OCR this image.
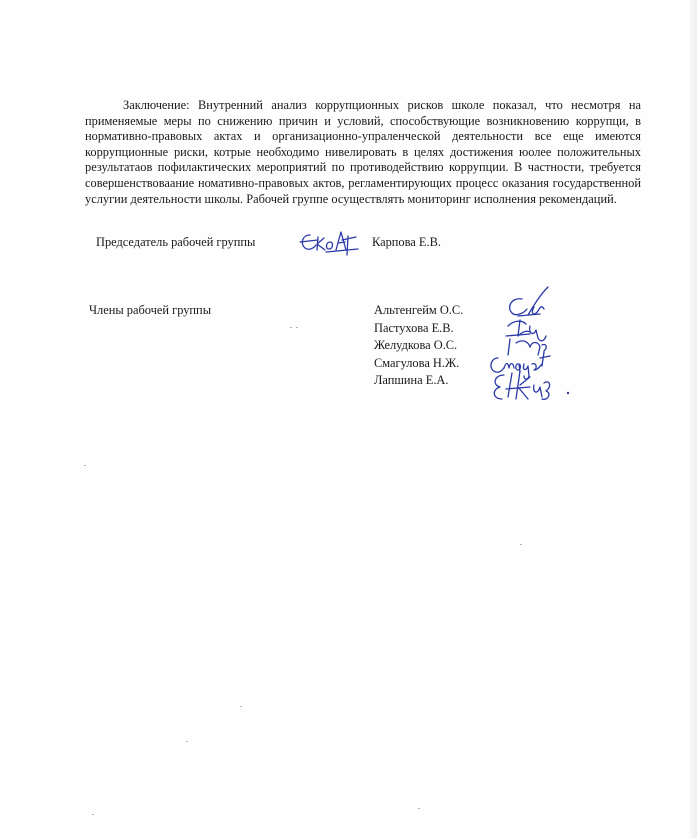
Заключение: Внутренний анализ коррупционных рисков школе показал, что несмотря на применяемые меры по снижению причин и условий, способствующие возникновению коррупци, в нормативно-правовых актах и организационно-упраленческой деятельности все еще имеются коррупционные риски, котрые необходимо нивелировать в целях достижения юолее положительных результатаов пофилактических мероприятий по противодействию коррупции. В частности, требуется совершенствоваание номативно-правовых актов, регламентирующих процесс оказания государственной услугии деятельности школы. Рабочей группе осуществлять мониторинг исполнения рекомендаций.

Председатель рабочей группы	Карпова Е.В.
Члены рабочей группы	Альтенгейм О.С.
Пастухова Е.В.
Желудкова О.С.
Смагулова Н.Ж.
Лапшина Е.А.
